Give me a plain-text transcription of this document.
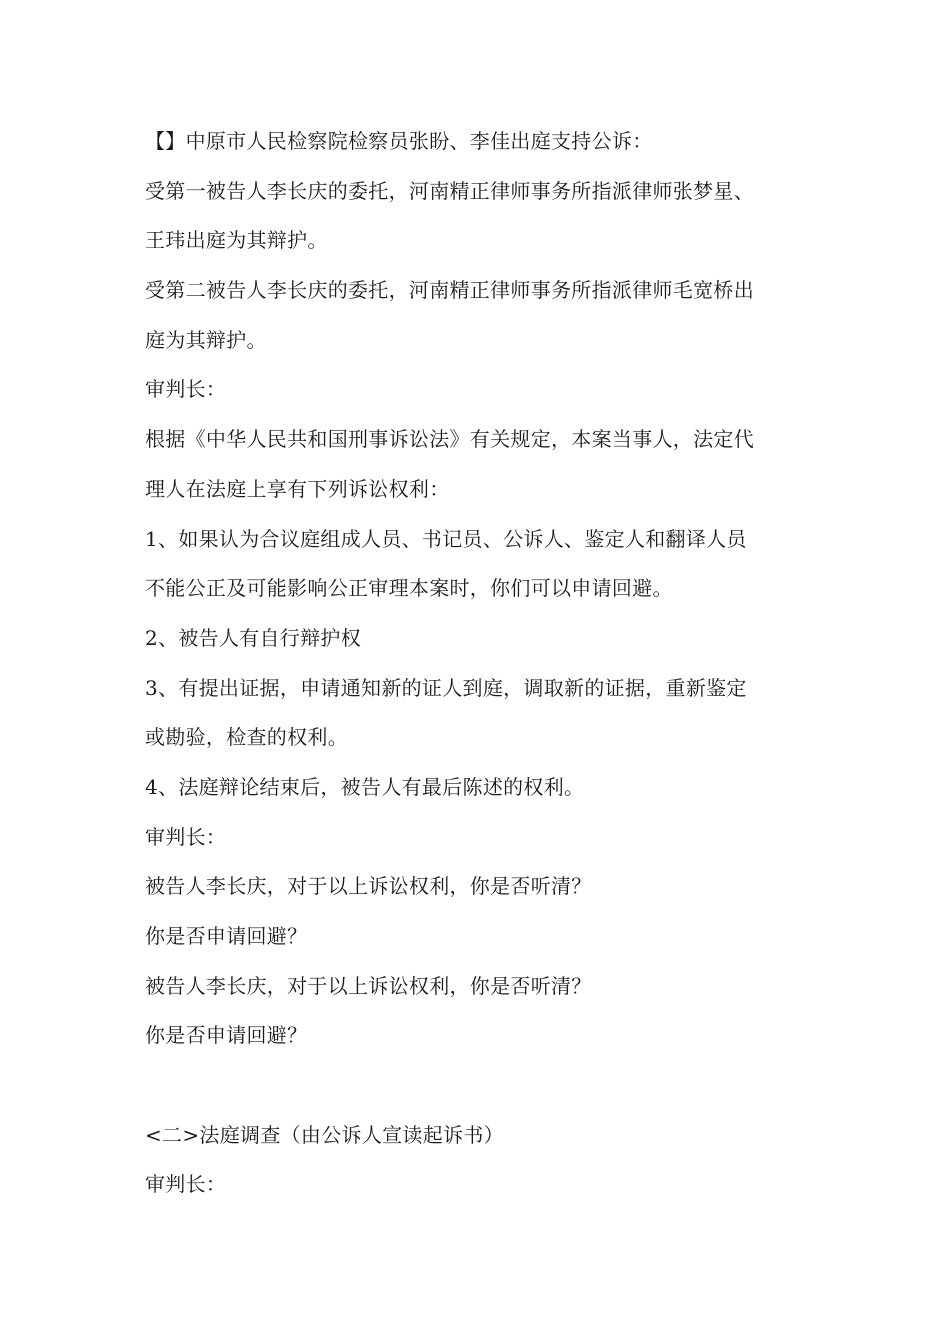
【】中原市人民检察院检察员张盼、李佳出庭支持公诉：
受第一被告人李长庆的委托，河南精正律师事务所指派律师张梦星、
王玮出庭为其辩护。
受第二被告人李长庆的委托，河南精正律师事务所指派律师毛宽桥出
庭为其辩护。
审判长：
根据《中华人民共和国刑事诉讼法》有关规定，本案当事人，法定代
理人在法庭上享有下列诉讼权利：
1、如果认为合议庭组成人员、书记员、公诉人、鉴定人和翻译人员
不能公正及可能影响公正审理本案时，你们可以申请回避。
2、被告人有自行辩护权
3、有提出证据，申请通知新的证人到庭，调取新的证据，重新鉴定
或勘验，检查的权利。
4、法庭辩论结束后，被告人有最后陈述的权利。
审判长：
被告人李长庆，对于以上诉讼权利，你是否听清？
你是否申请回避？
被告人李长庆，对于以上诉讼权利，你是否听清？
你是否申请回避？
<二>法庭调查（由公诉人宣读起诉书）
审判长：
